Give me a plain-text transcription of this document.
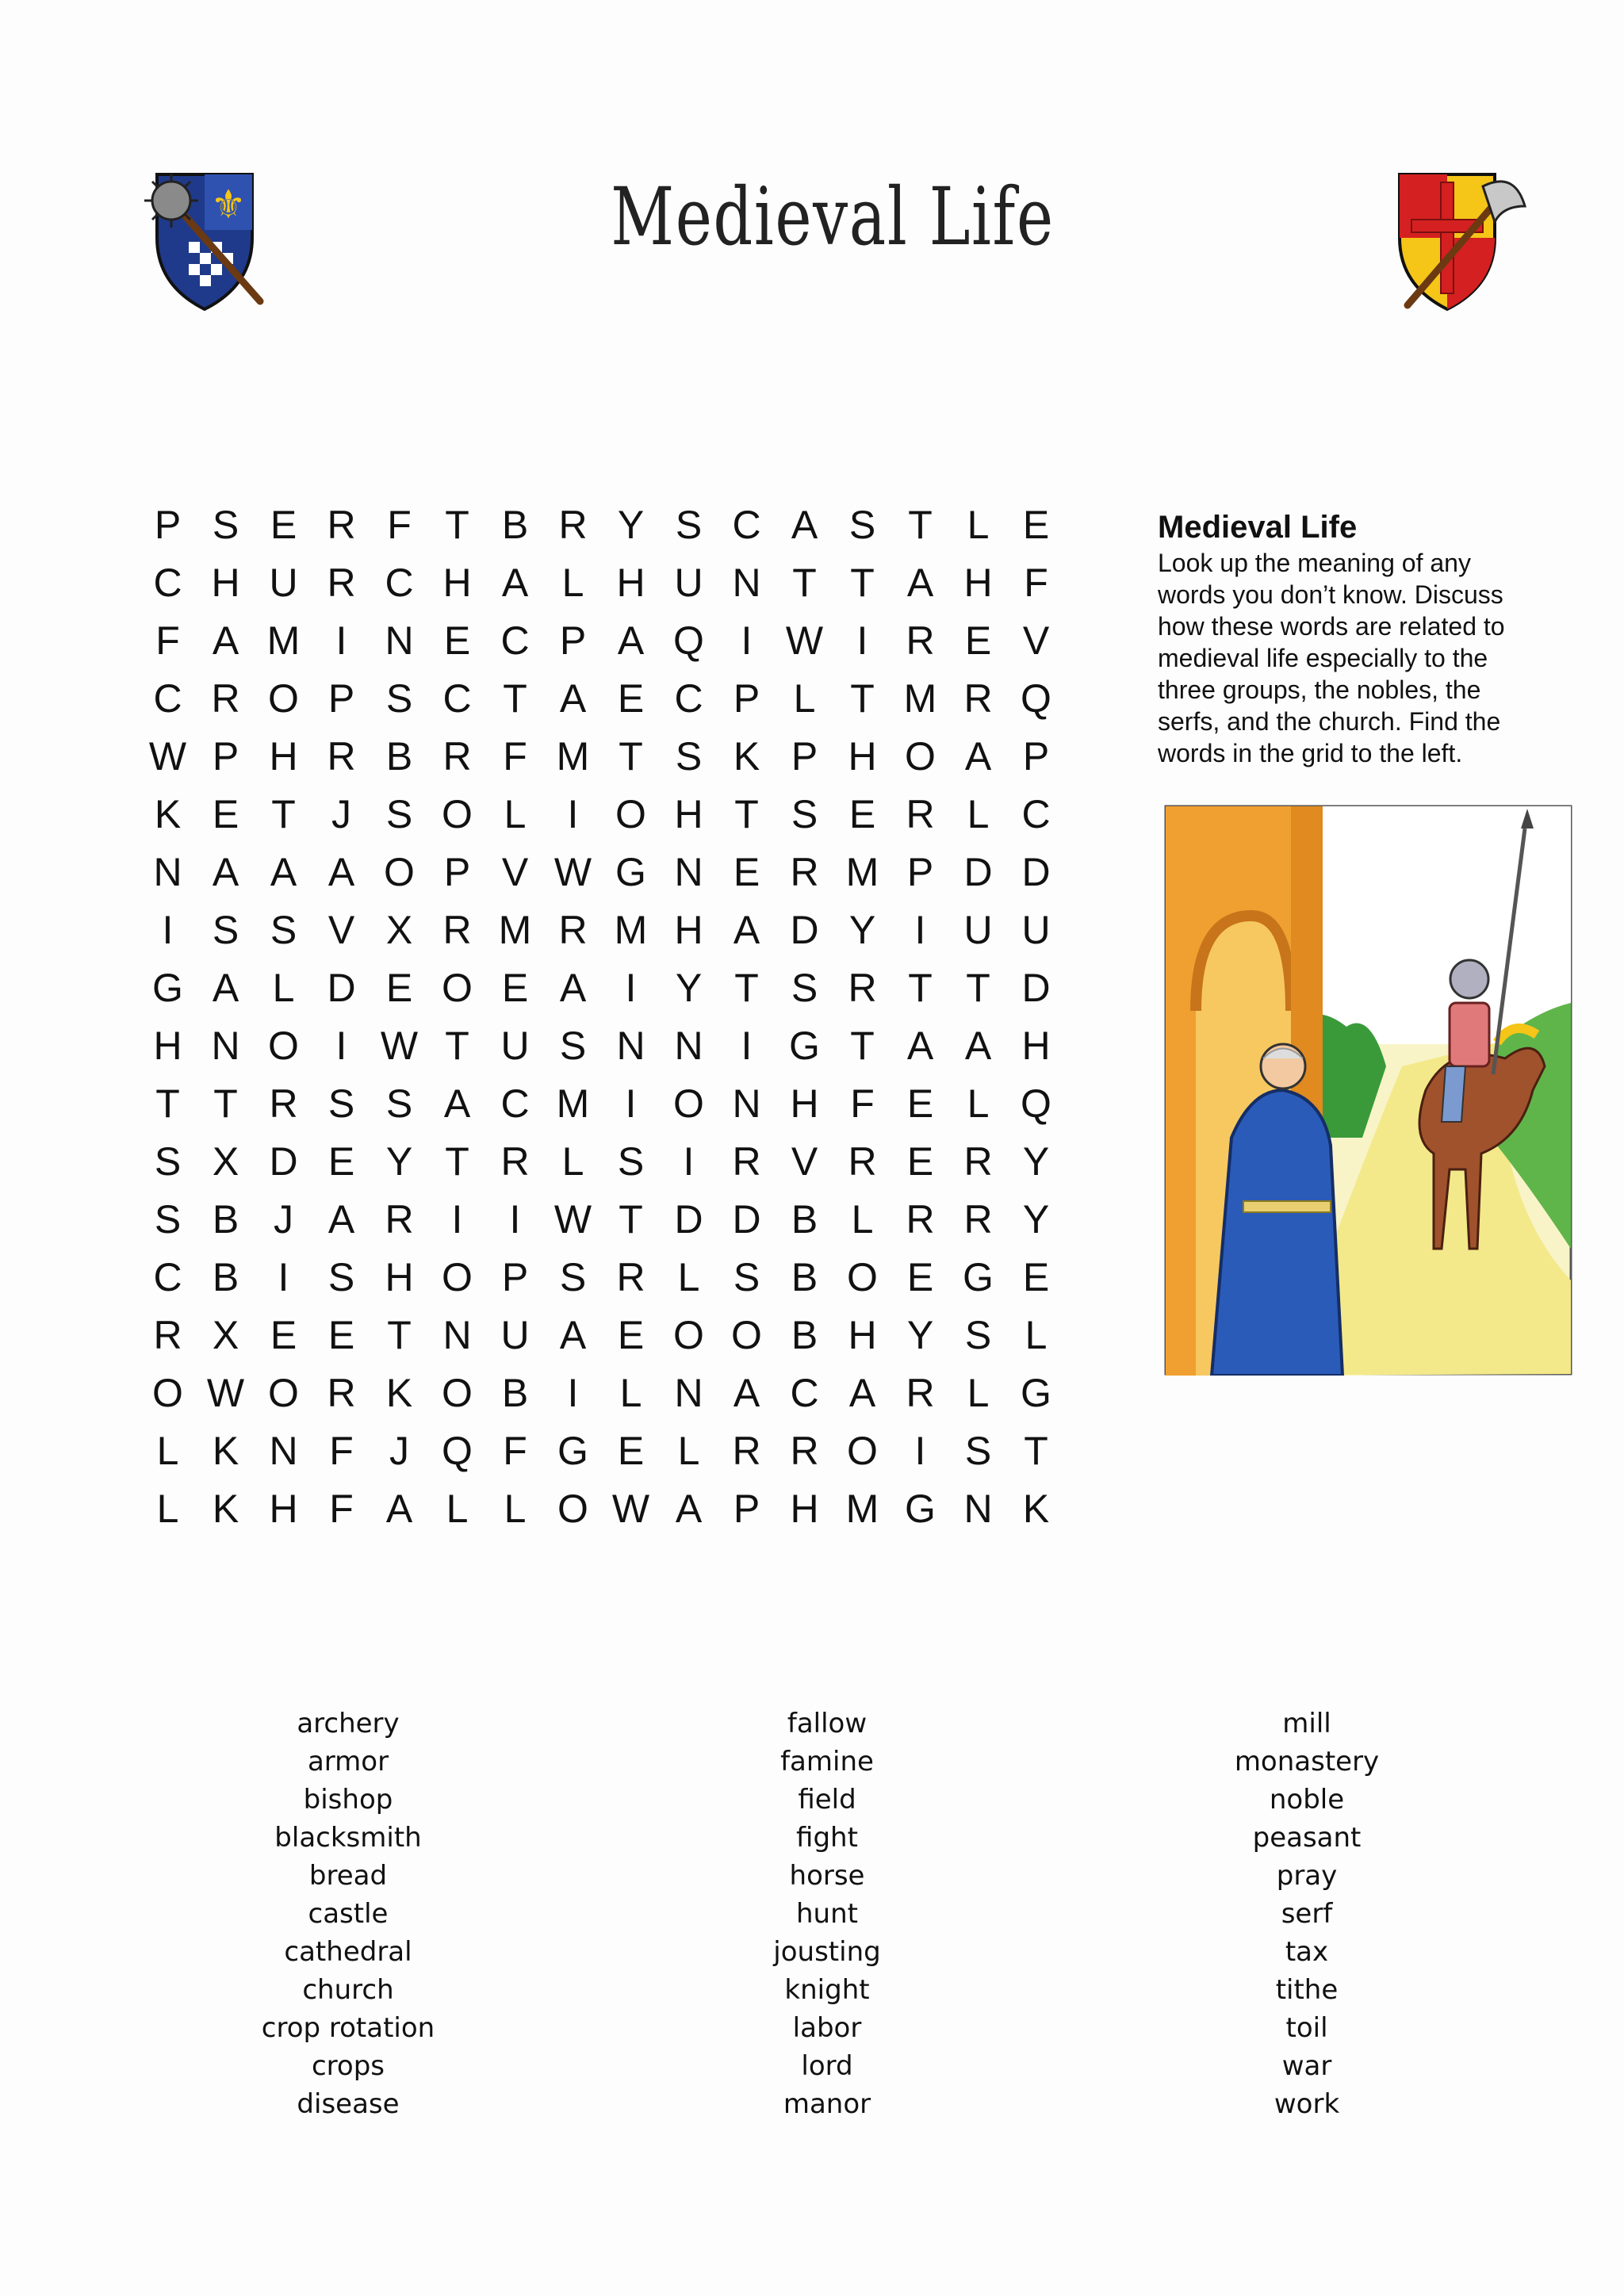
⚜	Medieval Life
P S E R F T B R Y S C A S T L E
C H U R C H A L H U N T T A H F
F A M I N E C P A Q I W I R E V
C R O P S C T A E C P L T M R Q
W P H R B R F M T S K P H O A P
K E T J S O L	I O H T S E R L C
N A A A O P V W G N E R M P D D
I S S V X R M R M H A D Y I U U
G A L D E O E A I Y T S R T T D
H N O I W T U S N N I G T A A H
T T R S S A C M I O N H F E L Q
S X D E Y T R L S I R V R E R Y
S B J A R I	I W T D D B L R R Y
C B I S H O P S R L S B O E G E
R X E E T N U A E O O B H Y S L
O W O R K O B I	L N A C A R L G
L K N F J Q F G E L R R O I S T
L K H F A L L O W A P H M G N K
Medieval Life
Look up the meaning of any
words you don’t know. Discuss
how these words are related to
medieval life especially to the
three groups, the nobles, the
serfs, and the church. Find the
words in the grid to the left.
archery
armor
bishop
blacksmith
bread
castle
cathedral
church
crop rotation
crops
disease
fallow
famine
field
fight
horse
hunt
jousting
knight
labor
lord
manor
mill
monastery
noble
peasant
pray
serf
tax
tithe
toil
war
work
